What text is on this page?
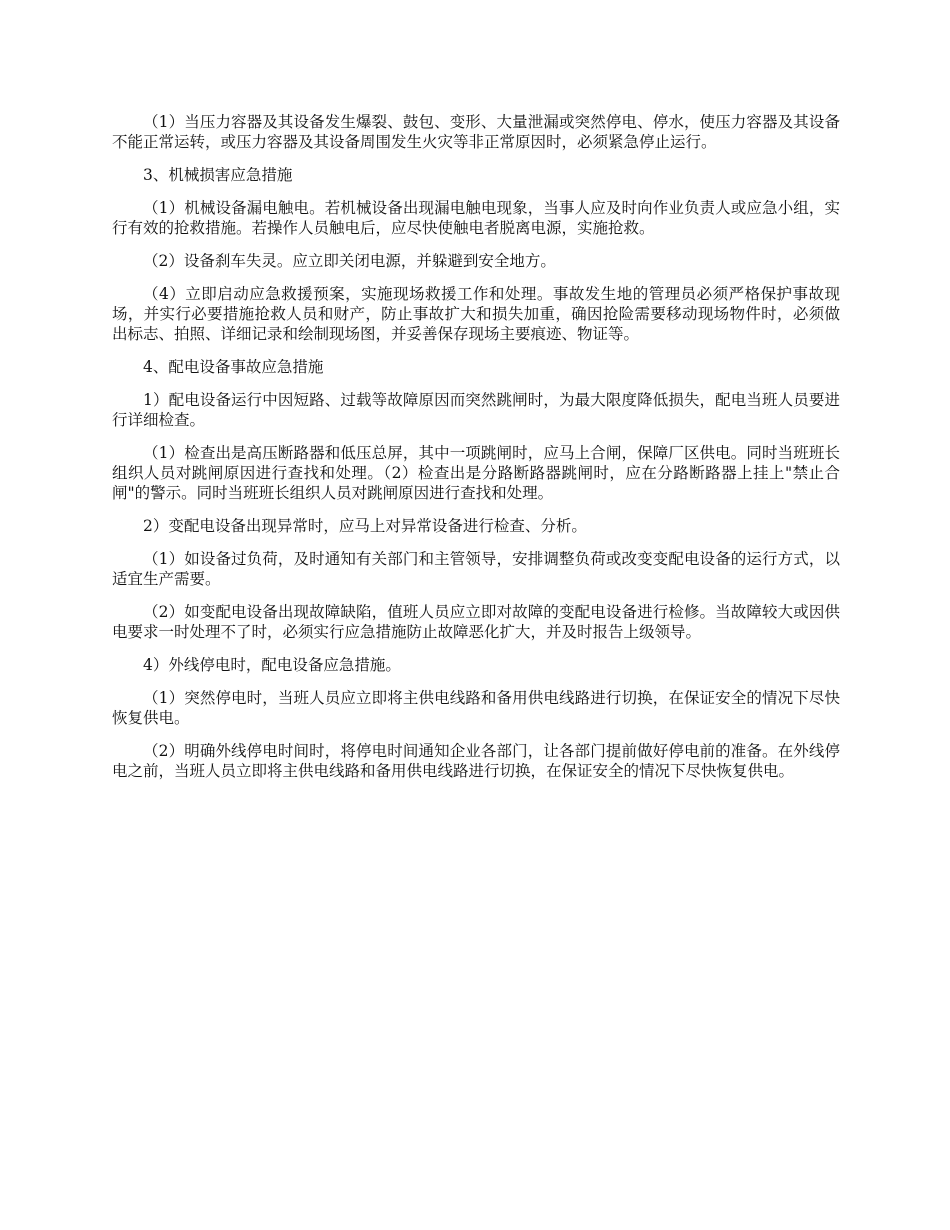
（1）当压力容器及其设备发生爆裂、鼓包、变形、大量泄漏或突然停电、停水，使压力容器及其设备不能正常运转，或压力容器及其设备周围发生火灾等非正常原因时，必须紧急停止运行。

3、机械损害应急措施

（1）机械设备漏电触电。若机械设备出现漏电触电现象，当事人应及时向作业负责人或应急小组，实行有效的抢救措施。若操作人员触电后，应尽快使触电者脱离电源，实施抢救。

（2）设备刹车失灵。应立即关闭电源，并躲避到安全地方。

（4）立即启动应急救援预案，实施现场救援工作和处理。事故发生地的管理员必须严格保护事故现场，并实行必要措施抢救人员和财产，防止事故扩大和损失加重，确因抢险需要移动现场物件时，必须做出标志、拍照、详细记录和绘制现场图，并妥善保存现场主要痕迹、物证等。

4、配电设备事故应急措施

1）配电设备运行中因短路、过载等故障原因而突然跳闸时，为最大限度降低损失，配电当班人员要进行详细检查。

（1）检查出是高压断路器和低压总屏，其中一项跳闸时，应马上合闸，保障厂区供电。同时当班班长组织人员对跳闸原因进行查找和处理。（2）检查出是分路断路器跳闸时，应在分路断路器上挂上"禁止合闸"的警示。同时当班班长组织人员对跳闸原因进行查找和处理。

2）变配电设备出现异常时，应马上对异常设备进行检查、分析。

（1）如设备过负荷，及时通知有关部门和主管领导，安排调整负荷或改变变配电设备的运行方式，以适宜生产需要。

（2）如变配电设备出现故障缺陷，值班人员应立即对故障的变配电设备进行检修。当故障较大或因供电要求一时处理不了时，必须实行应急措施防止故障恶化扩大，并及时报告上级领导。

4）外线停电时，配电设备应急措施。

（1）突然停电时，当班人员应立即将主供电线路和备用供电线路进行切换，在保证安全的情况下尽快恢复供电。

（2）明确外线停电时间时，将停电时间通知企业各部门，让各部门提前做好停电前的准备。在外线停电之前，当班人员立即将主供电线路和备用供电线路进行切换，在保证安全的情况下尽快恢复供电。
